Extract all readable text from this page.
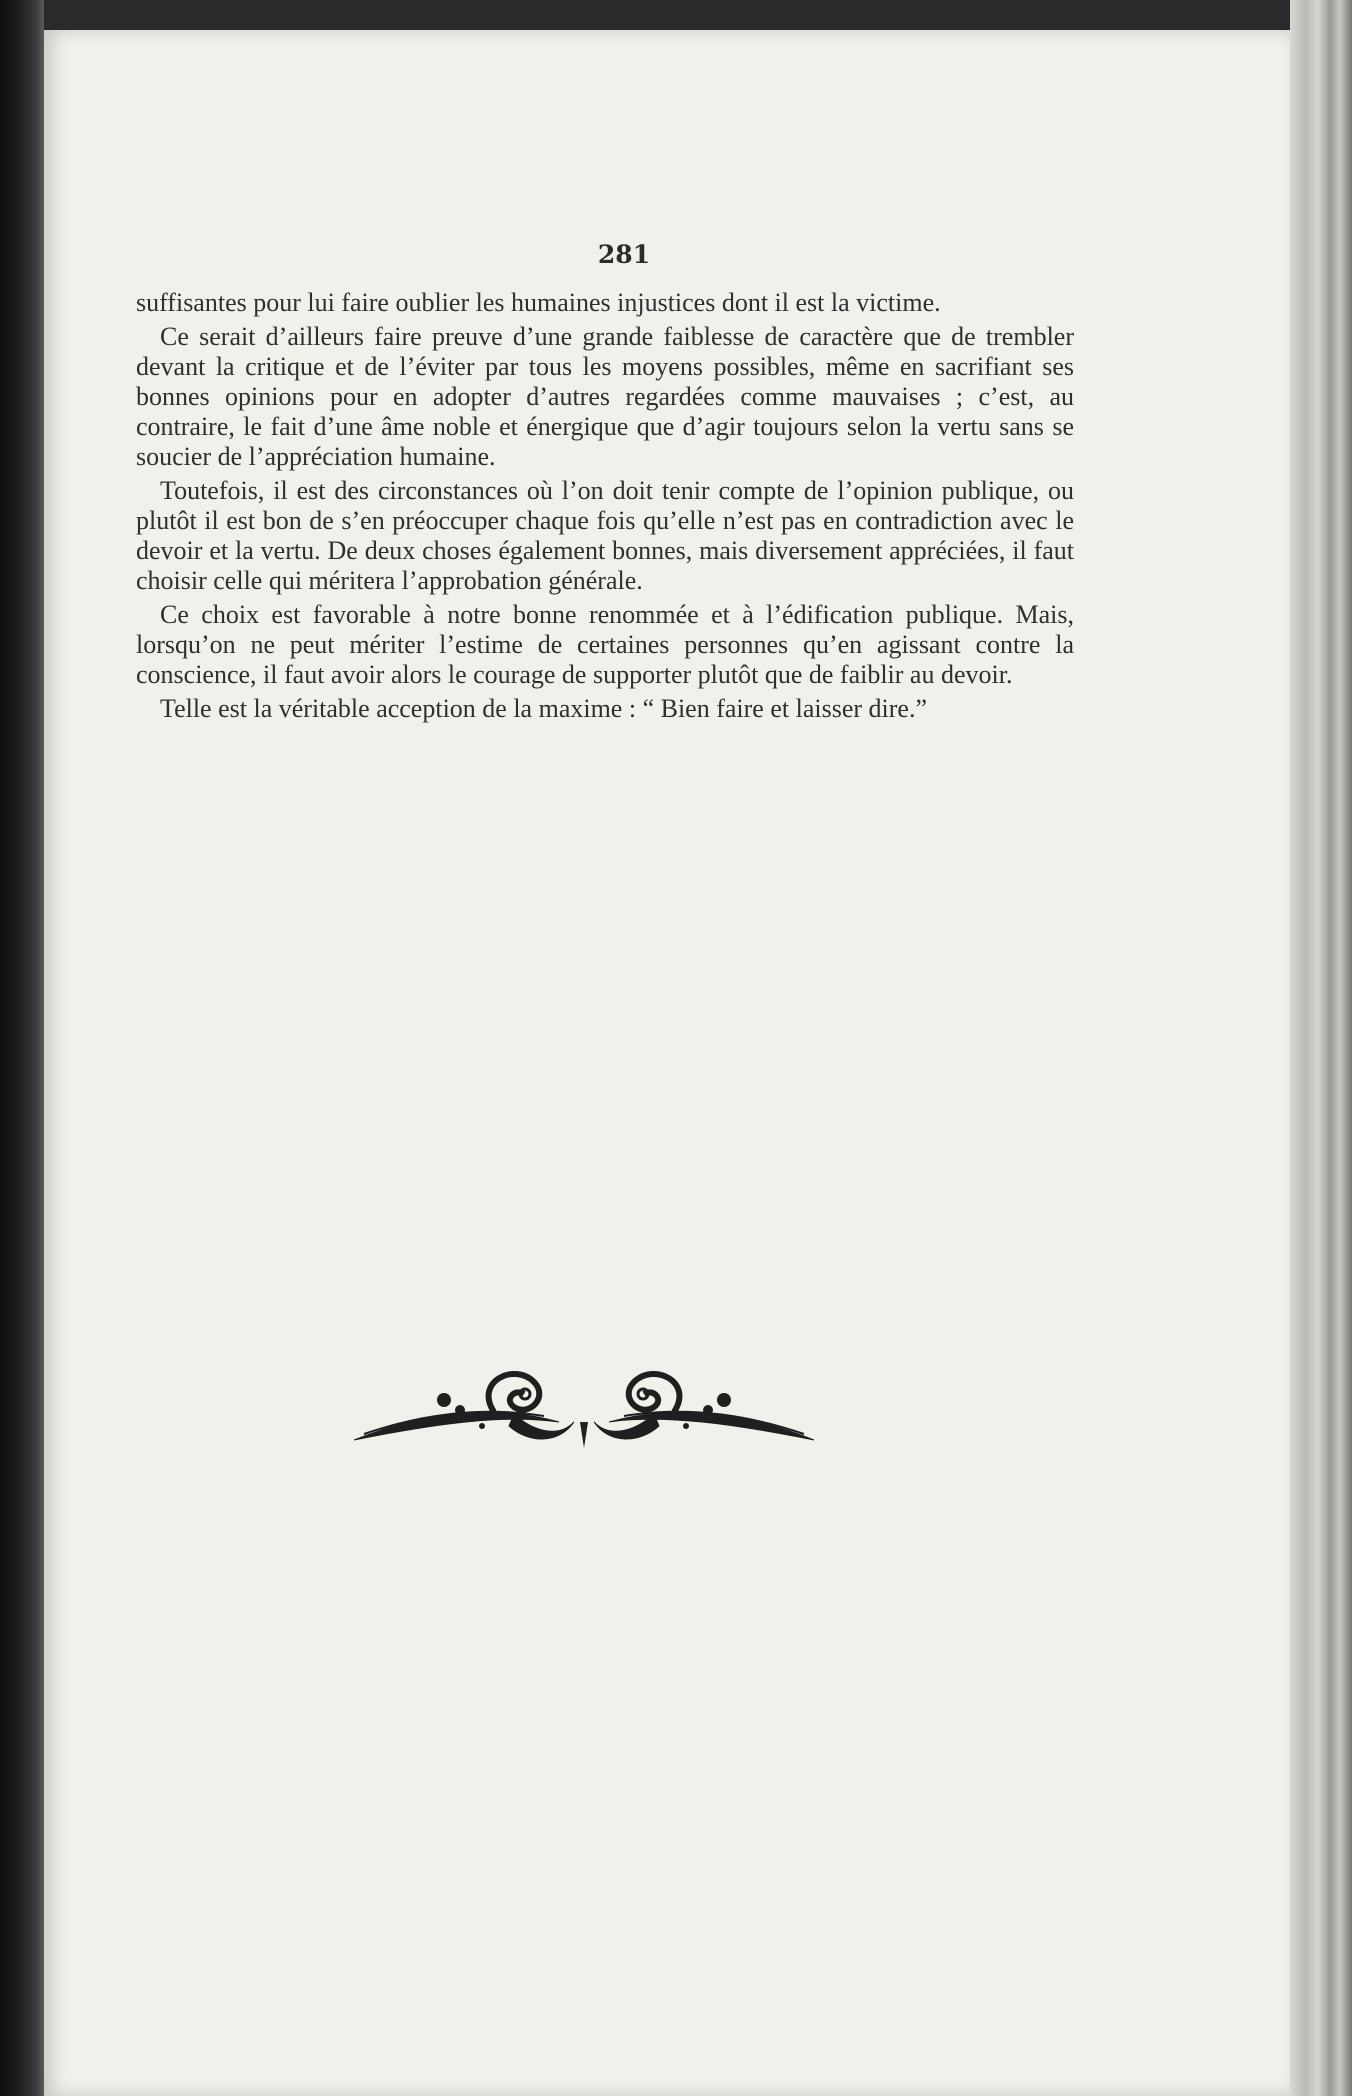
281

suffisantes pour lui faire oublier les humaines injustices dont il est la victime.

Ce serait d’ailleurs faire preuve d’une grande faiblesse de caractère que de trembler devant la critique et de l’éviter par tous les moyens possibles, même en sacrifiant ses bonnes opinions pour en adopter d’autres regardées comme mauvaises ; c’est, au contraire, le fait d’une âme noble et énergique que d’agir toujours selon la vertu sans se soucier de l’appréciation humaine.

Toutefois, il est des circonstances où l’on doit tenir compte de l’opinion publique, ou plutôt il est bon de s’en préoccuper chaque fois qu’elle n’est pas en contradiction avec le devoir et la vertu. De deux choses également bonnes, mais diversement appréciées, il faut choisir celle qui méritera l’approbation générale.

Ce choix est favorable à notre bonne renommée et à l’édification publique. Mais, lorsqu’on ne peut mériter l’estime de certaines personnes qu’en agissant contre la conscience, il faut avoir alors le courage de supporter plutôt que de faiblir au devoir.

Telle est la véritable acception de la maxime : “ Bien faire et laisser dire.”
